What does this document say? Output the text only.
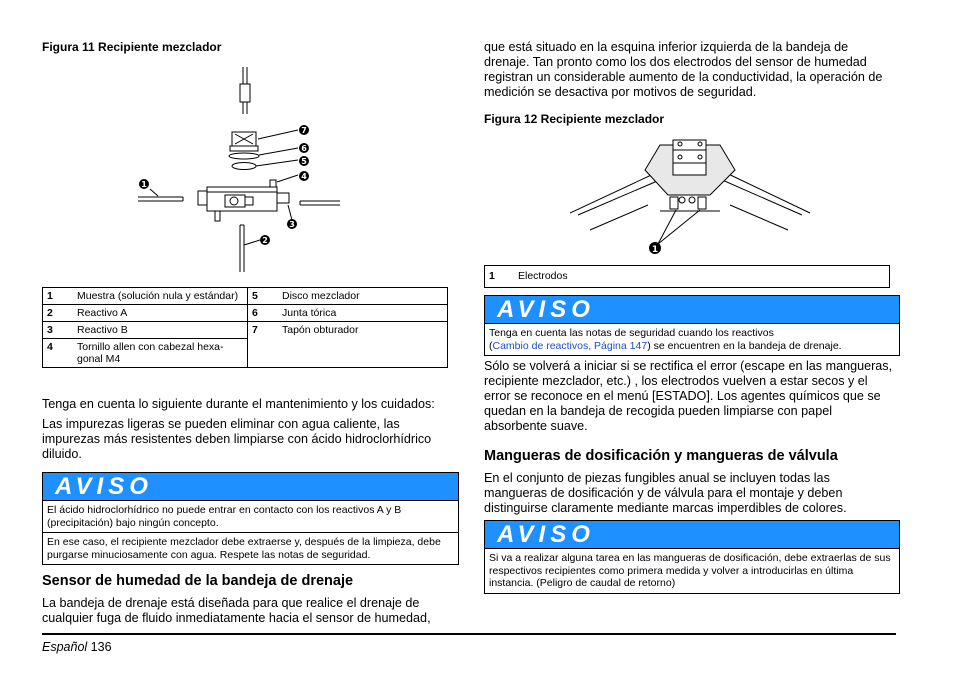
Figura 11 Recipiente mezclador
7
6
5
4
1
3
2
1	Muestra (solución nula y estándar)	5	Disco mezclador
2	Reactivo A	6	Junta tórica
3	Reactivo B	7	Tapón obturador
4	Tornillo allen con cabezal hexa-gonal M4		
Tenga en cuenta lo siguiente durante el mantenimiento y los cuidados:
Las impurezas ligeras se pueden eliminar con agua caliente, las impurezas más resistentes deben limpiarse con ácido hidroclorhídrico diluido.
AVISO

El ácido hidroclorhídrico no puede entrar en contacto con los reactivos A y B (precipitación) bajo ningún concepto.

En ese caso, el recipiente mezclador debe extraerse y, después de la limpieza, debe purgarse minuciosamente con agua. Respete las notas de seguridad.

Sensor de humedad de la bandeja de drenaje
La bandeja de drenaje está diseñada para que realice el drenaje de cualquier fuga de fluido inmediatamente hacia el sensor de humedad,
que está situado en la esquina inferior izquierda de la bandeja de drenaje. Tan pronto como los dos electrodos del sensor de humedad registran un considerable aumento de la conductividad, la operación de medición se desactiva por motivos de seguridad.
Figura 12 Recipiente mezclador
1
1 Electrodos
AVISO
Tenga en cuenta las notas de seguridad cuando los reactivos
(Cambio de reactivos, Página 147) se encuentren en la bandeja de drenaje.
Sólo se volverá a iniciar si se rectifica el error (escape en las mangueras, recipiente mezclador, etc.) , los electrodos vuelven a estar secos y el error se reconoce en el menú [ESTADO]. Los agentes químicos que se quedan en la bandeja de recogida pueden limpiarse con papel absorbente suave.
Mangueras de dosificación y mangueras de válvula
En el conjunto de piezas fungibles anual se incluyen todas las mangueras de dosificación y de válvula para el montaje y deben distinguirse claramente mediante marcas imperdibles de colores.
AVISO
Si va a realizar alguna tarea en las mangueras de dosificación, debe extraerlas de sus respectivos recipientes como primera medida y volver a introducirlas en última instancia. (Peligro de caudal de retorno)
Español 136
